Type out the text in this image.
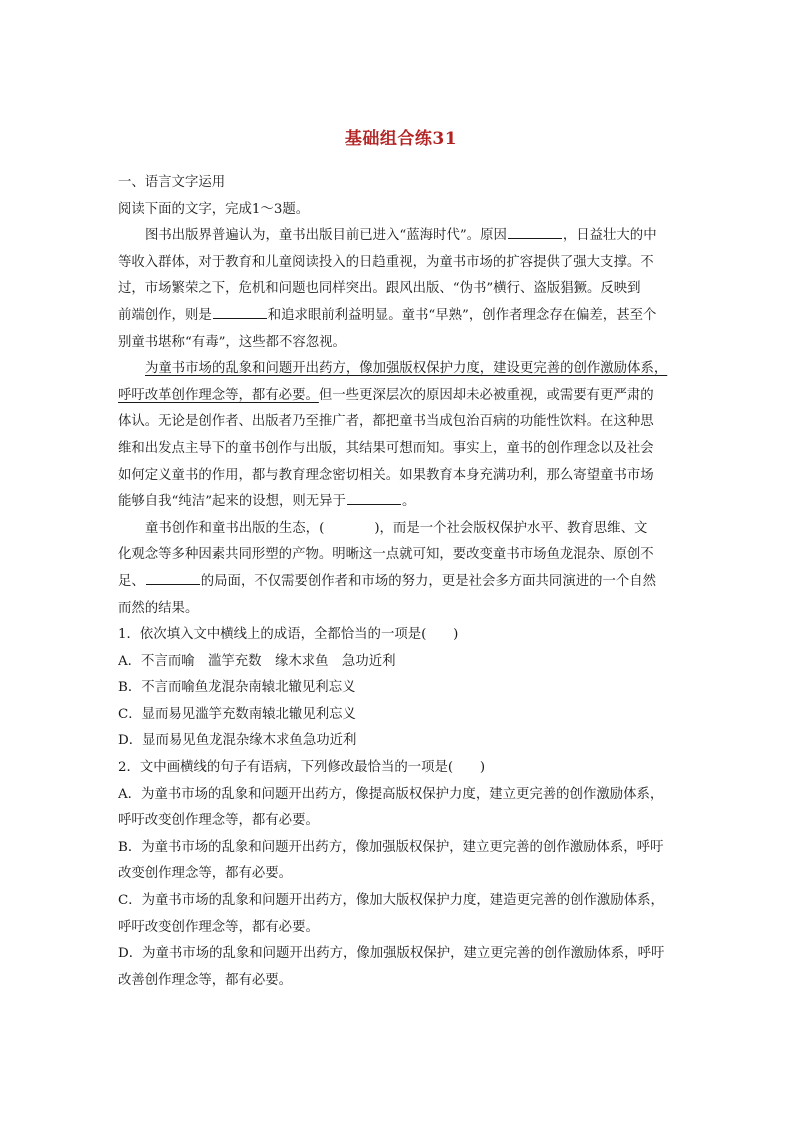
基础组合练31
一、语言文字运用
阅读下面的文字，完成1～3题。
图书出版界普遍认为，童书出版目前已进入“蓝海时代”。原因	，日益壮大的中
等收入群体，对于教育和儿童阅读投入的日趋重视，为童书市场的扩容提供了强大支撑。不
过，市场繁荣之下，危机和问题也同样突出。跟风出版、“伪书”横行、盗版猖獗。反映到
前端创作，则是	和追求眼前利益明显。童书“早熟”，创作者理念存在偏差，甚至个
别童书堪称“有毒”，这些都不容忽视。
为童书市场的乱象和问题开出药方，像加强版权保护力度，建设更完善的创作激励体系，
呼吁改革创作理念等，都有必要。但一些更深层次的原因却未必被重视，或需要有更严肃的
体认。无论是创作者、出版者乃至推广者，都把童书当成包治百病的功能性饮料。在这种思
维和出发点主导下的童书创作与出版，其结果可想而知。事实上，童书的创作理念以及社会
如何定义童书的作用，都与教育理念密切相关。如果教育本身充满功利，那么寄望童书市场
能够自我“纯洁”起来的设想，则无异于	。
童书创作和童书出版的生态，(	)，而是一个社会版权保护水平、教育思维、文
化观念等多种因素共同形塑的产物。明晰这一点就可知，要改变童书市场鱼龙混杂、原创不
足、	的局面，不仅需要创作者和市场的努力，更是社会多方面共同演进的一个自然
而然的结果。
1．依次填入文中横线上的成语，全都恰当的一项是(　　)
A．不言而喻　滥竽充数　缘木求鱼　急功近利
B．不言而喻鱼龙混杂南辕北辙见利忘义
C．显而易见滥竽充数南辕北辙见利忘义
D．显而易见鱼龙混杂缘木求鱼急功近利
2．文中画横线的句子有语病，下列修改最恰当的一项是(　　)
A．为童书市场的乱象和问题开出药方，像提高版权保护力度，建立更完善的创作激励体系，
呼吁改变创作理念等，都有必要。
B．为童书市场的乱象和问题开出药方，像加强版权保护，建立更完善的创作激励体系，呼吁
改变创作理念等，都有必要。
C．为童书市场的乱象和问题开出药方，像加大版权保护力度，建造更完善的创作激励体系，
呼吁改变创作理念等，都有必要。
D．为童书市场的乱象和问题开出药方，像加强版权保护，建立更完善的创作激励体系，呼吁
改善创作理念等，都有必要。
